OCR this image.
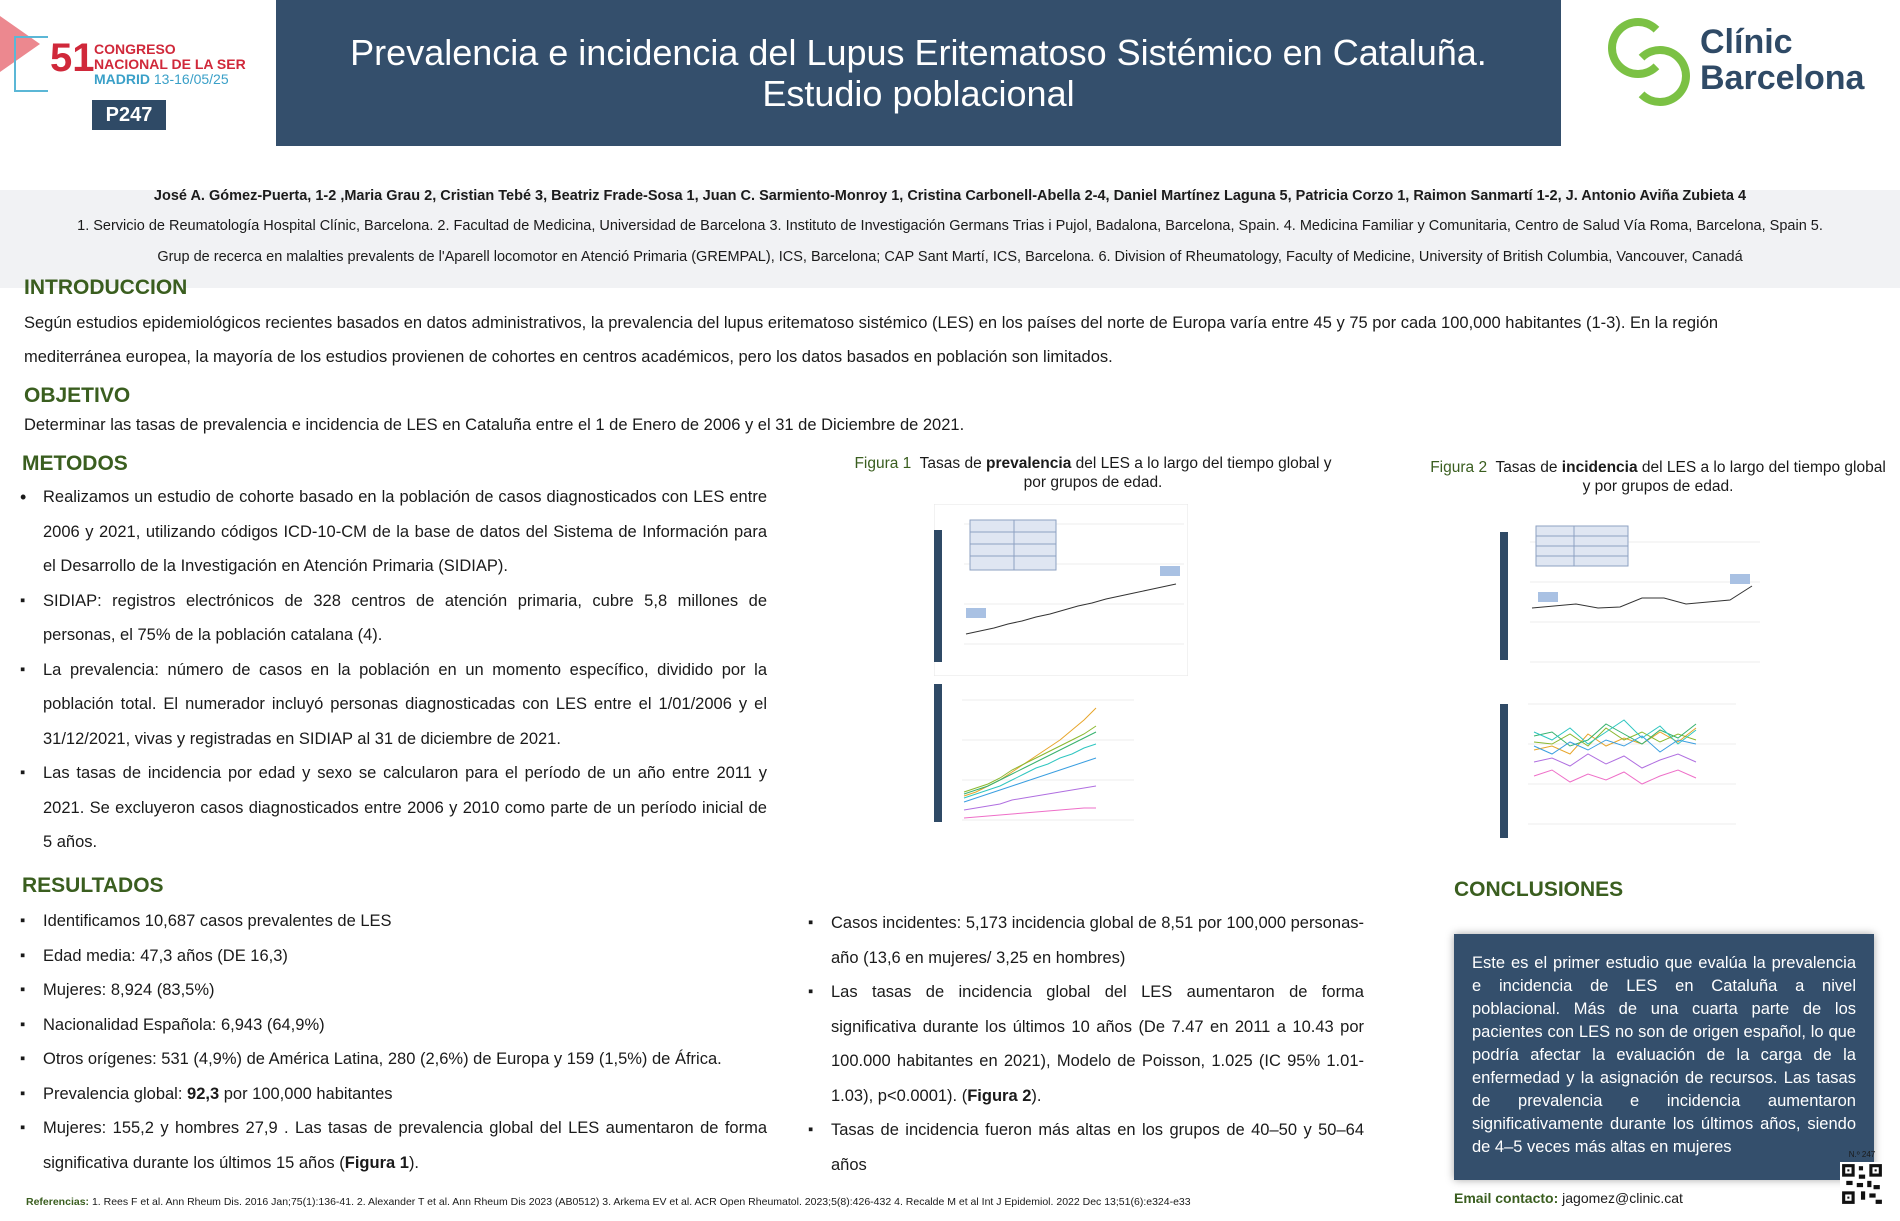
51 CONGRESO
NACIONAL DE LA SER
MADRID 13-16/05/25
P247
Prevalencia e incidencia del Lupus Eritematoso Sistémico en Cataluña.
Estudio poblacional
Clínic
Barcelona
José A. Gómez-Puerta, 1-2 ,Maria Grau 2, Cristian Tebé 3, Beatriz Frade-Sosa 1, Juan C. Sarmiento-Monroy 1, Cristina Carbonell-Abella 2-4, Daniel Martínez Laguna 5, Patricia Corzo 1, Raimon Sanmartí 1-2, J. Antonio Aviña Zubieta 4
1. Servicio de Reumatología Hospital Clínic, Barcelona. 2. Facultad de Medicina, Universidad de Barcelona 3. Instituto de Investigación Germans Trias i Pujol, Badalona, Barcelona, Spain. 4. Medicina Familiar y Comunitaria, Centro de Salud Vía Roma, Barcelona, Spain 5.
Grup de recerca en malalties prevalents de l'Aparell locomotor en Atenció Primaria (GREMPAL), ICS, Barcelona; CAP Sant Martí, ICS, Barcelona. 6. Division of Rheumatology, Faculty of Medicine, University of British Columbia, Vancouver, Canadá
INTRODUCCION
Según estudios epidemiológicos recientes basados en datos administrativos, la prevalencia del lupus eritematoso sistémico (LES) en los países del norte de Europa varía entre 45 y 75 por cada 100,000 habitantes (1-3). En la región mediterránea europea, la mayoría de los estudios provienen de cohortes en centros académicos, pero los datos basados en población son limitados.
OBJETIVO
Determinar las tasas de prevalencia e incidencia de LES en Cataluña entre el 1 de Enero de 2006 y el 31 de Diciembre de 2021.
METODOS
• Realizamos un estudio de cohorte basado en la población de casos diagnosticados con LES entre 2006 y 2021, utilizando códigos ICD-10-CM de la base de datos del Sistema de Información para el Desarrollo de la Investigación en Atención Primaria (SIDIAP).
▪ SIDIAP: registros electrónicos de 328 centros de atención primaria, cubre 5,8 millones de personas, el 75% de la población catalana (4).
▪ La prevalencia: número de casos en la población en un momento específico, dividido por la población total. El numerador incluyó personas diagnosticadas con LES entre el 1/01/2006 y el 31/12/2021, vivas y registradas en SIDIAP al 31 de diciembre de 2021.
▪ Las tasas de incidencia por edad y sexo se calcularon para el período de un año entre 2011 y 2021. Se excluyeron casos diagnosticados entre 2006 y 2010 como parte de un período inicial de 5 años.
Figura 1 Tasas de prevalencia del LES a lo largo del tiempo global y por grupos de edad.
Figura 2 Tasas de incidencia del LES a lo largo del tiempo global y por grupos de edad.
RESULTADOS
▪ Identificamos 10,687 casos prevalentes de LES
▪ Edad media: 47,3 años (DE 16,3)
▪ Mujeres: 8,924 (83,5%)
▪ Nacionalidad Española: 6,943 (64,9%)
▪ Otros orígenes: 531 (4,9%) de América Latina, 280 (2,6%) de Europa y 159 (1,5%) de África.
▪ Prevalencia global: 92,3 por 100,000 habitantes
▪ Mujeres: 155,2 y hombres 27,9 . Las tasas de prevalencia global del LES aumentaron de forma significativa durante los últimos 15 años (Figura 1).
▪ Casos incidentes: 5,173 incidencia global de 8,51 por 100,000 personas-año (13,6 en mujeres/ 3,25 en hombres)
▪ Las tasas de incidencia global del LES aumentaron de forma significativa durante los últimos 10 años (De 7.47 en 2011 a 10.43 por 100.000 habitantes en 2021), Modelo de Poisson, 1.025 (IC 95% 1.01-1.03), p<0.0001). (Figura 2).
▪ Tasas de incidencia fueron más altas en los grupos de 40–50 y 50–64 años
CONCLUSIONES
Este es el primer estudio que evalúa la prevalencia e incidencia de LES en Cataluña a nivel poblacional. Más de una cuarta parte de los pacientes con LES no son de origen español, lo que podría afectar la evaluación de la carga de la enfermedad y la asignación de recursos. Las tasas de prevalencia e incidencia aumentaron significativamente durante los últimos años, siendo de 4–5 veces más altas en mujeres
Referencias: 1. Rees F et al. Ann Rheum Dis. 2016 Jan;75(1):136-41. 2. Alexander T et al. Ann Rheum Dis 2023 (AB0512) 3. Arkema EV et al. ACR Open Rheumatol. 2023;5(8):426-432 4. Recalde M et al Int J Epidemiol. 2022 Dec 13;51(6):e324-e33	Email contacto: jagomez@clinic.cat
N.º 247
